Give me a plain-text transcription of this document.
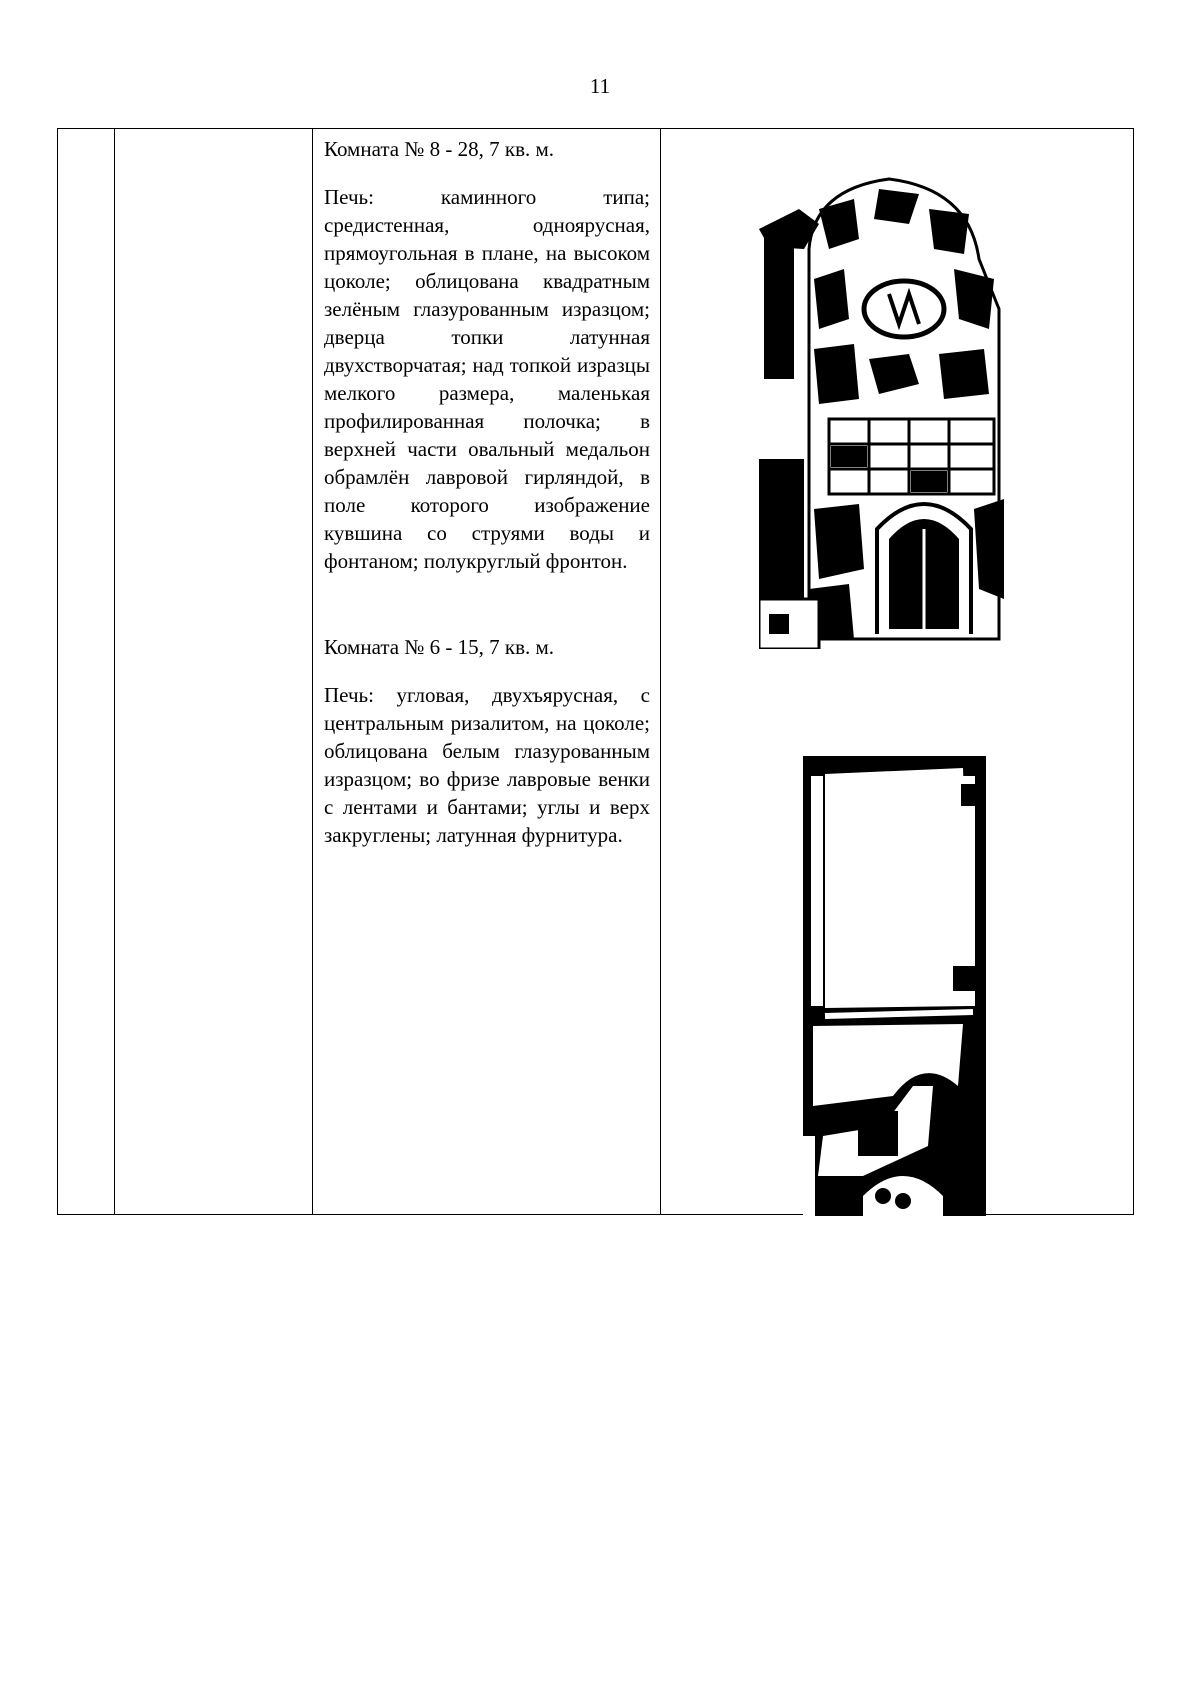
11

Комната № 8 - 28, 7 кв. м.

Печь: каминного типа; средистенная, одноярусная, прямоугольная в плане, на высоком цоколе; облицована квадратным зелёным глазурованным изразцом; дверца топки латунная двухстворчатая; над топкой изразцы мелкого размера, маленькая профилированная полочка; в верхней части овальный медальон обрамлён лавровой гирляндой, в поле которого изображение кувшина со струями воды и фонтаном; полукруглый фронтон.

Комната № 6 - 15, 7 кв. м.

Печь: угловая, двухъярусная, с центральным ризалитом, на цоколе; облицована белым глазурованным изразцом; во фризе лавровые венки с лентами и бантами; углы и верх закруглены; латунная фурнитура.
